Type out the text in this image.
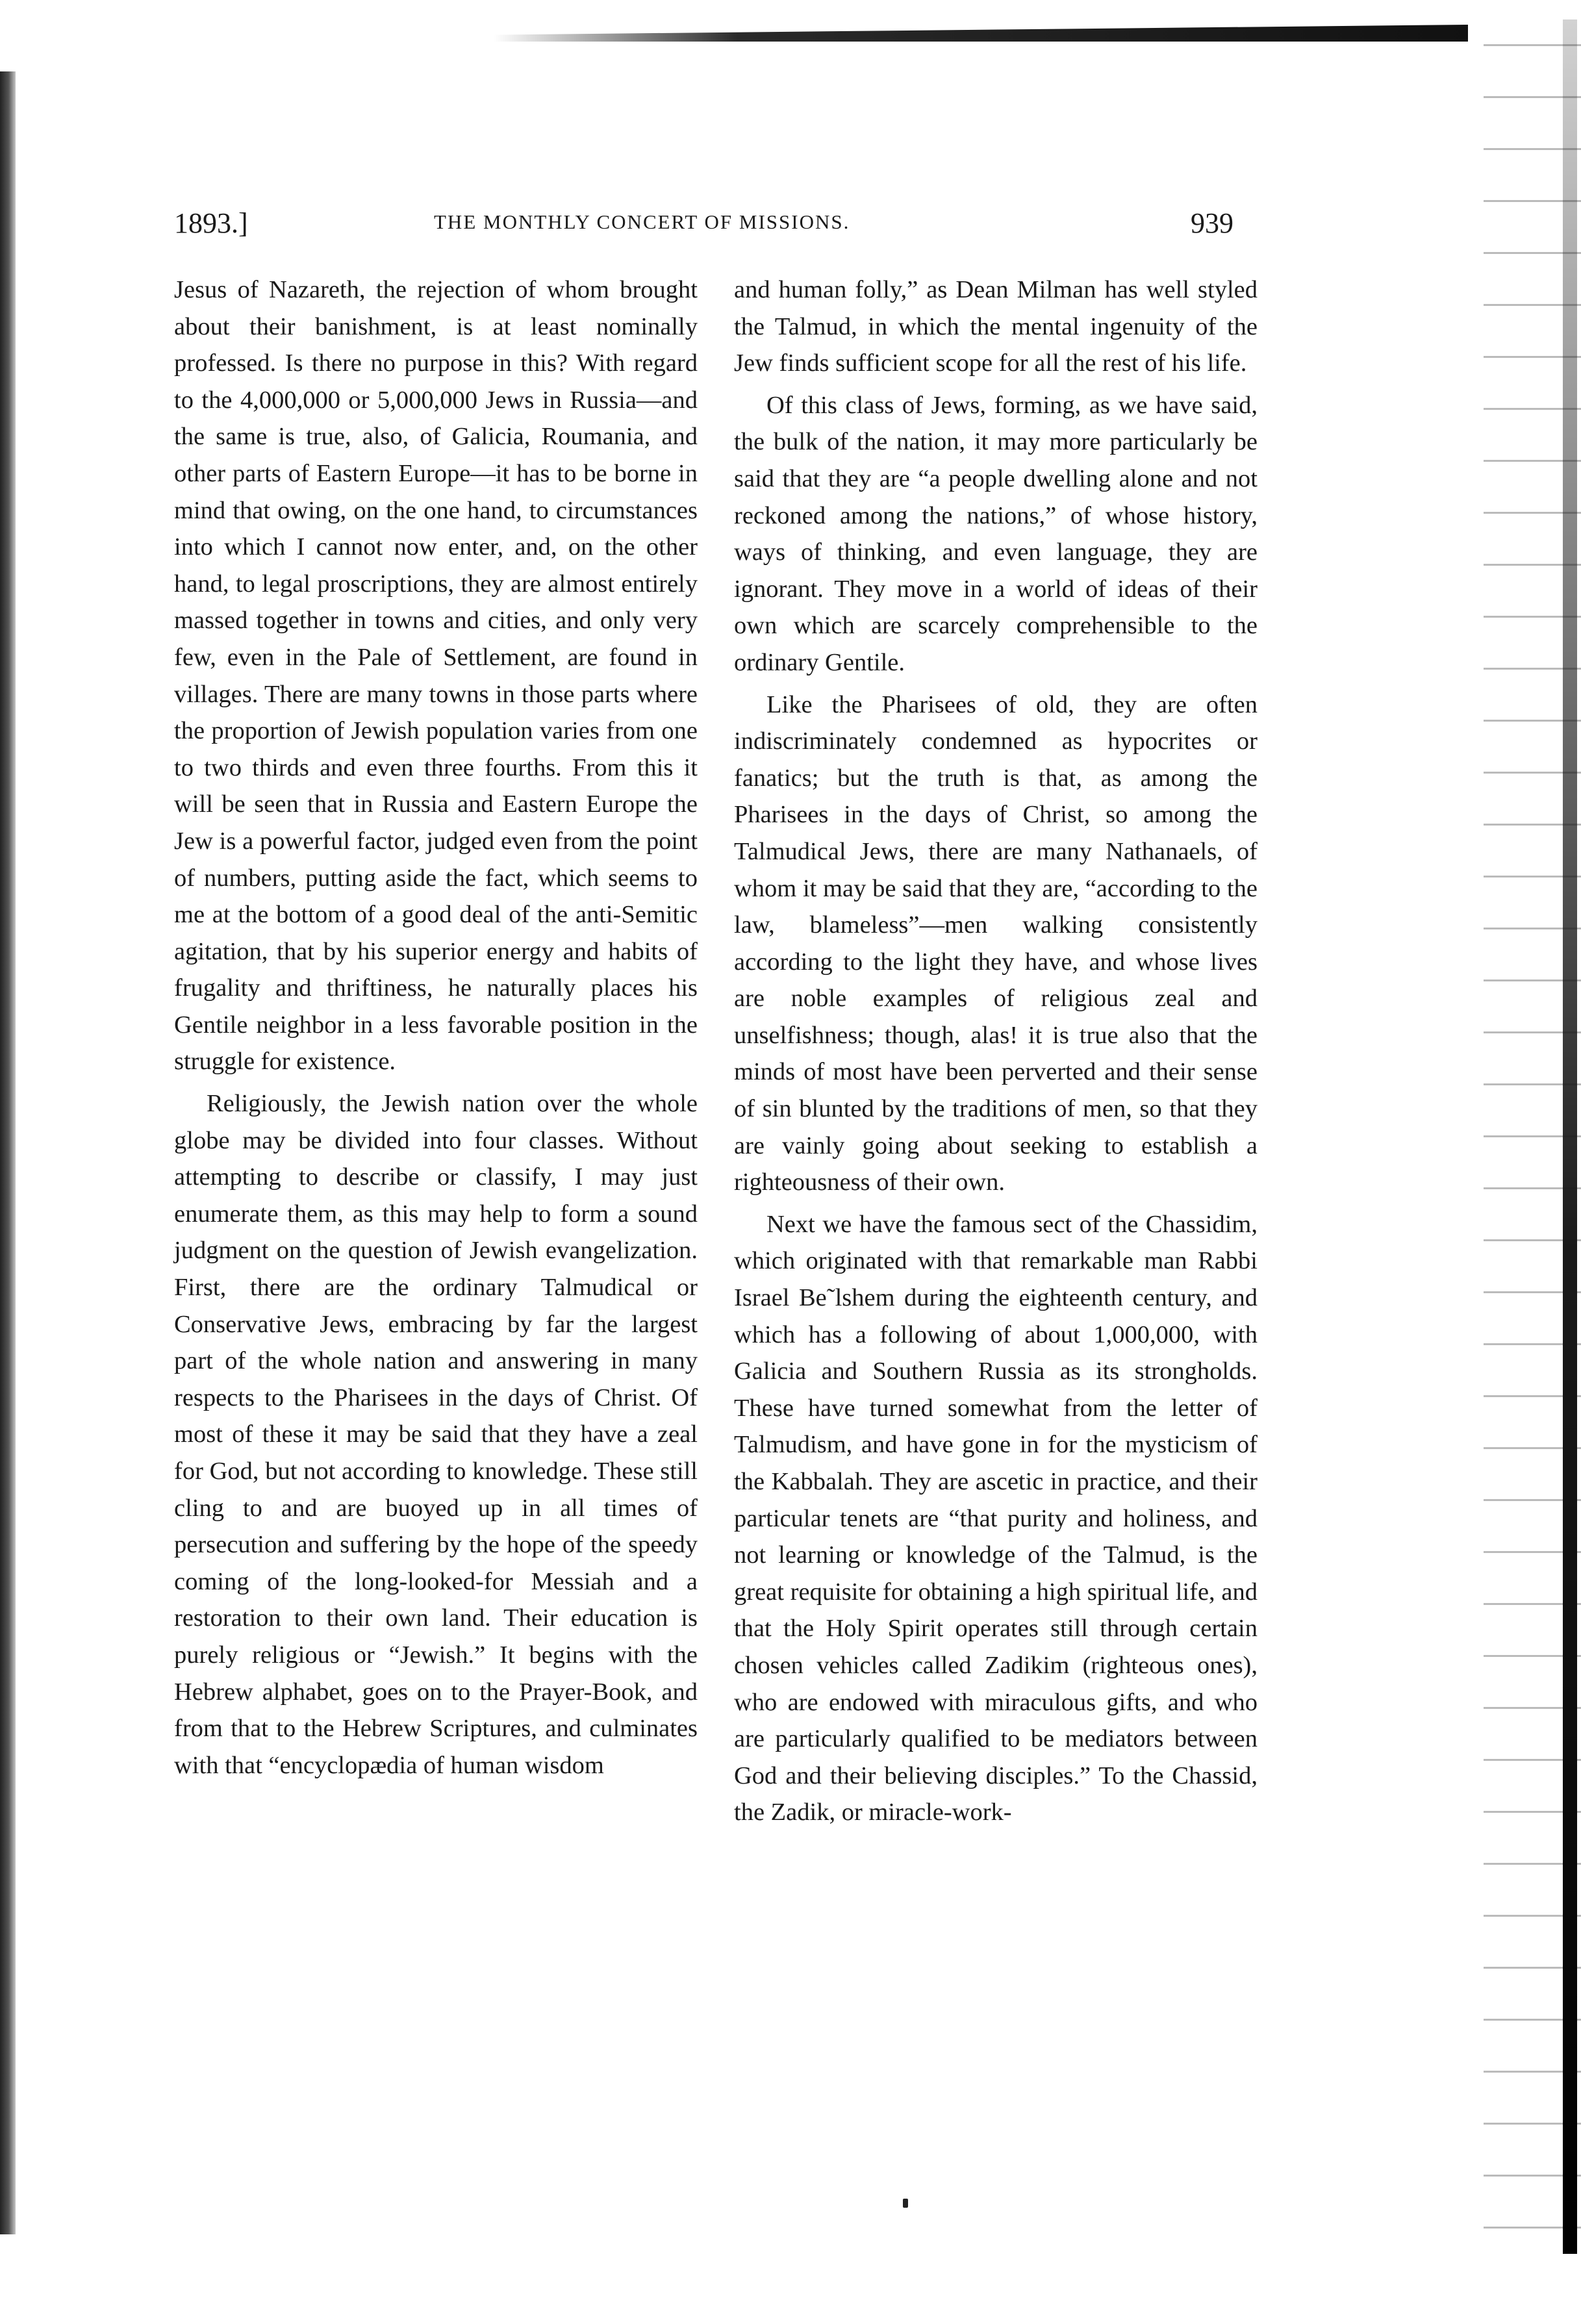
1893.]	THE MONTHLY CONCERT OF MISSIONS.	939

Jesus of Nazareth, the rejection of whom brought about their banishment, is at least nominally professed. Is there no purpose in this? With regard to the 4,000,000 or 5,000,000 Jews in Russia—and the same is true, also, of Galicia, Roumania, and other parts of Eastern Europe—it has to be borne in mind that owing, on the one hand, to circumstances into which I cannot now enter, and, on the other hand, to legal proscriptions, they are almost entirely massed together in towns and cities, and only very few, even in the Pale of Settlement, are found in villages. There are many towns in those parts where the proportion of Jewish population varies from one to two thirds and even three fourths. From this it will be seen that in Russia and Eastern Europe the Jew is a powerful factor, judged even from the point of numbers, putting aside the fact, which seems to me at the bottom of a good deal of the anti-Semitic agitation, that by his superior energy and habits of frugality and thriftiness, he naturally places his Gentile neighbor in a less favorable position in the struggle for existence.

Religiously, the Jewish nation over the whole globe may be divided into four classes. Without attempting to describe or classify, I may just enumerate them, as this may help to form a sound judgment on the question of Jewish evangelization. First, there are the ordinary Talmudical or Conservative Jews, embracing by far the largest part of the whole nation and answering in many respects to the Pharisees in the days of Christ. Of most of these it may be said that they have a zeal for God, but not according to knowledge. These still cling to and are buoyed up in all times of persecution and suffering by the hope of the speedy coming of the long-looked-for Messiah and a restoration to their own land. Their education is purely religious or “Jewish.” It begins with the Hebrew alphabet, goes on to the Prayer-Book, and from that to the Hebrew Scriptures, and culminates with that “encyclopædia of human wisdom

and human folly,” as Dean Milman has well styled the Talmud, in which the mental ingenuity of the Jew finds sufficient scope for all the rest of his life.

Of this class of Jews, forming, as we have said, the bulk of the nation, it may more particularly be said that they are “a people dwelling alone and not reckoned among the nations,” of whose history, ways of thinking, and even language, they are ignorant. They move in a world of ideas of their own which are scarcely comprehensible to the ordinary Gentile.

Like the Pharisees of old, they are often indiscriminately condemned as hypocrites or fanatics; but the truth is that, as among the Pharisees in the days of Christ, so among the Talmudical Jews, there are many Nathanaels, of whom it may be said that they are, “according to the law, blameless”—men walking consistently according to the light they have, and whose lives are noble examples of religious zeal and unselfishness; though, alas! it is true also that the minds of most have been perverted and their sense of sin blunted by the traditions of men, so that they are vainly going about seeking to establish a righteousness of their own.

Next we have the famous sect of the Chassidim, which originated with that remarkable man Rabbi Israel Be˜lshem during the eighteenth century, and which has a following of about 1,000,000, with Galicia and Southern Russia as its strongholds. These have turned somewhat from the letter of Talmudism, and have gone in for the mysticism of the Kabbalah. They are ascetic in practice, and their particular tenets are “that purity and holiness, and not learning or knowledge of the Talmud, is the great requisite for obtaining a high spiritual life, and that the Holy Spirit operates still through certain chosen vehicles called Zadikim (righteous ones), who are endowed with miraculous gifts, and who are particularly qualified to be mediators between God and their believing disciples.” To the Chassid, the Zadik, or miracle-work-
